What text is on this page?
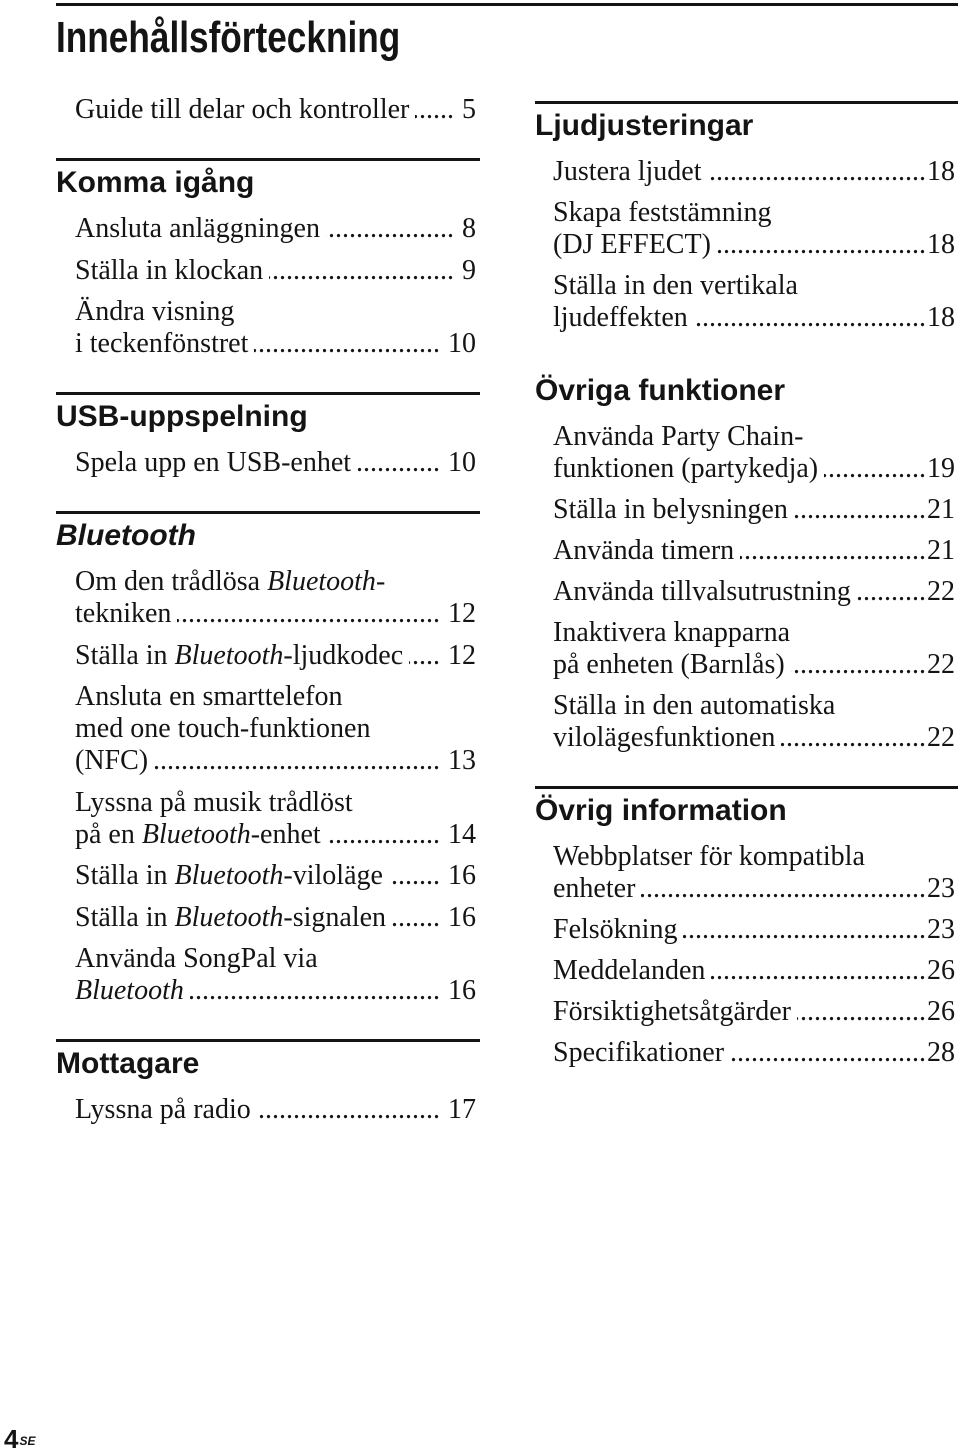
Innehållsförteckning
Guide till delar och kontroller ..... 5
Komma igång
Ansluta anläggningen .....	8
Ställa in klockan .....	9
Ändra visning
i teckenfönstret .....	10
USB-uppspelning
Spela upp en USB-enhet .....	10
Bluetooth
Om den trådlösa Bluetooth-
tekniken .....	12
Ställa in Bluetooth-ljudkodec ..... 12
Ansluta en smarttelefon
med one touch-funktionen
(NFC) .....	13
Lyssna på musik trådlöst
på en Bluetooth-enhet .....	14
Ställa in Bluetooth-viloläge ..... 16
Ställa in Bluetooth-signalen ..... 16
Använda SongPal via
Bluetooth .....	16
Mottagare
Lyssna på radio .....	17
Ljudjusteringar
Justera ljudet .....	18
Skapa feststämning
(DJ EFFECT) .....	18
Ställa in den vertikala
ljudeffekten .....	18
Övriga funktioner
Använda Party Chain-
funktionen (partykedja) .....	19
Ställa in belysningen .....	21
Använda timern .....	21
Använda tillvalsutrustning .....	22
Inaktivera knapparna
på enheten (Barnlås) .....	22
Ställa in den automatiska
vilolägesfunktionen .....	22
Övrig information
Webbplatser för kompatibla
enheter .....	23
Felsökning .....	23
Meddelanden .....	26
Försiktighetsåtgärder .....	26
Specifikationer .....	28
$4^{SE}$
